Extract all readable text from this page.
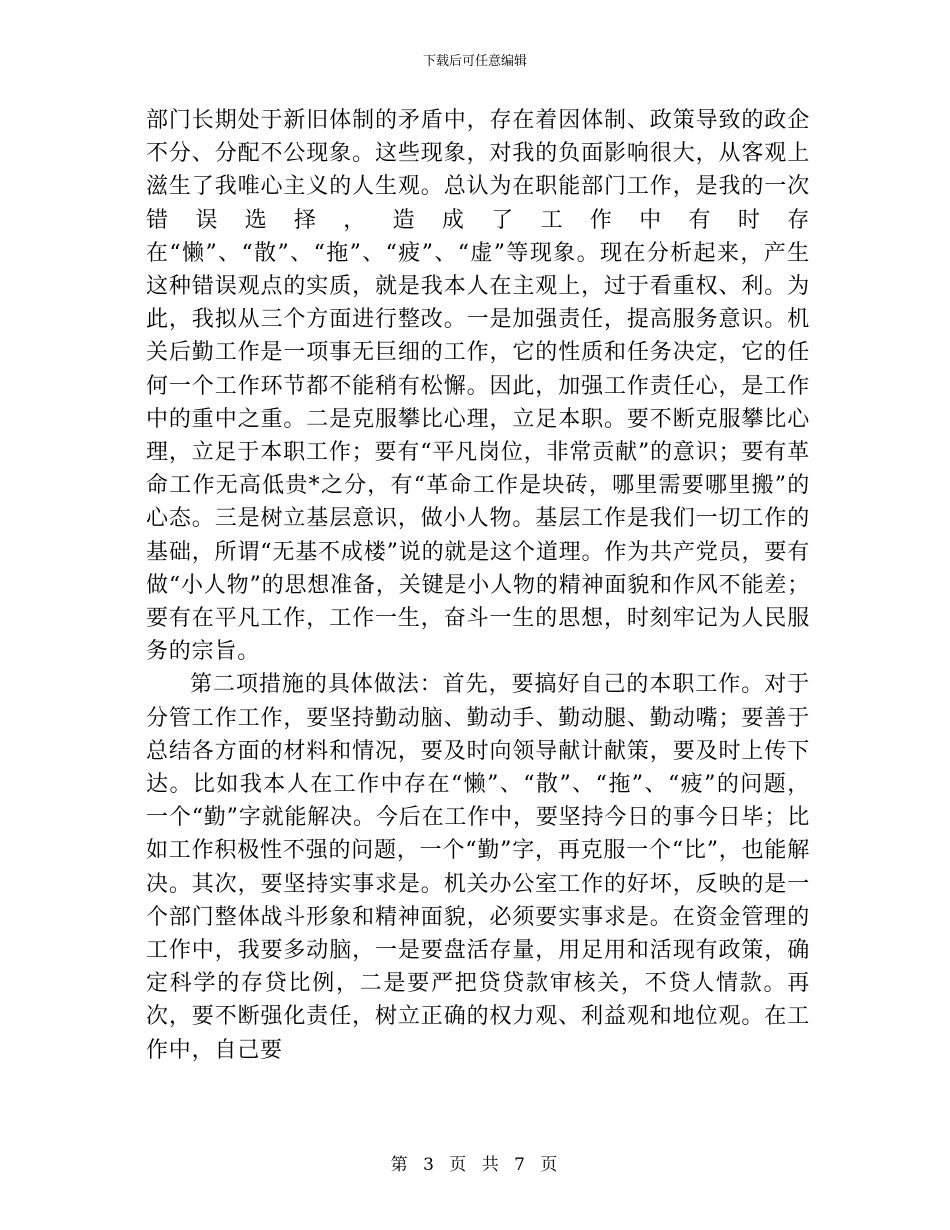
下载后可任意编辑

部门长期处于新旧体制的矛盾中，存在着因体制、政策导致的政企不分、分配不公现象。这些现象，对我的负面影响很大，从客观上滋生了我唯心主义的人生观。总认为在职能部门工作，是我的一次错误选择，造成了工作中有时存在“懒”、“散”、“拖”、“疲”、“虚”等现象。现在分析起来，产生这种错误观点的实质，就是我本人在主观上，过于看重权、利。为此，我拟从三个方面进行整改。一是加强责任，提高服务意识。机关后勤工作是一项事无巨细的工作，它的性质和任务决定，它的任何一个工作环节都不能稍有松懈。因此，加强工作责任心，是工作中的重中之重。二是克服攀比心理，立足本职。要不断克服攀比心理，立足于本职工作；要有“平凡岗位，非常贡献”的意识；要有革命工作无高低贵*之分，有“革命工作是块砖，哪里需要哪里搬”的心态。三是树立基层意识，做小人物。基层工作是我们一切工作的基础，所谓“无基不成楼”说的就是这个道理。作为共产党员，要有做“小人物”的思想准备，关键是小人物的精神面貌和作风不能差；要有在平凡工作，工作一生，奋斗一生的思想，时刻牢记为人民服务的宗旨。

第二项措施的具体做法：首先，要搞好自己的本职工作。对于分管工作工作，要坚持勤动脑、勤动手、勤动腿、勤动嘴；要善于总结各方面的材料和情况，要及时向领导献计献策，要及时上传下达。比如我本人在工作中存在“懒”、“散”、“拖”、“疲”的问题，一个“勤”字就能解决。今后在工作中，要坚持今日的事今日毕；比如工作积极性不强的问题，一个“勤”字，再克服一个“比”，也能解决。其次，要坚持实事求是。机关办公室工作的好坏，反映的是一个部门整体战斗形象和精神面貌，必须要实事求是。在资金管理的工作中，我要多动脑，一是要盘活存量，用足用和活现有政策，确定科学的存贷比例，二是要严把贷贷款审核关，不贷人情款。再次，要不断强化责任，树立正确的权力观、利益观和地位观。在工作中，自己要

第 3 页 共 7 页
